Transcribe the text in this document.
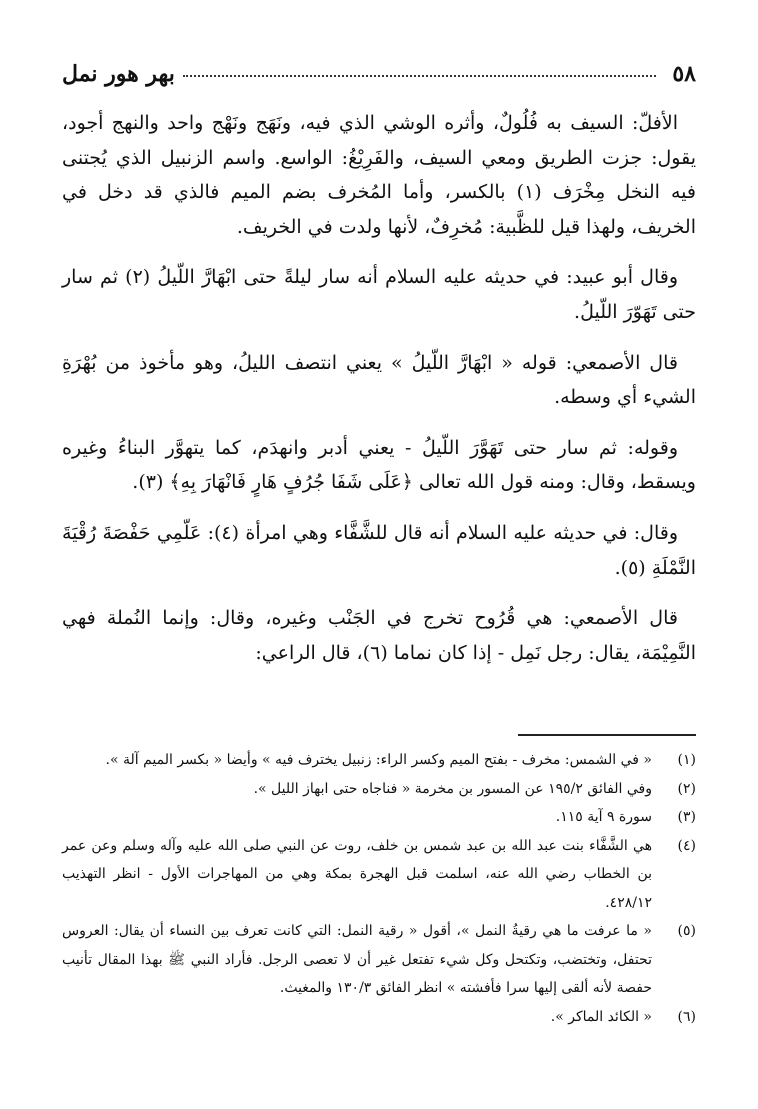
٥٨
بهر هور نمل

الأفلّ: السيف به فُلُولٌ، وأثره الوشي الذي فيه، ونَهَج ونَهْج واحد والنهج أجود، يقول: جزت الطريق ومعي السيف، والفَرِيْغُ: الواسع. واسم الزنبيل الذي يُجتنى فيه النخل مِخْرَف (١) بالكسر، وأما المُخرف بضم الميم فالذي قد دخل في الخريف، ولهذا قيل للظَّبية: مُخرِفٌ، لأنها ولدت في الخريف.

وقال أبو عبيد: في حديثه عليه السلام أنه سار ليلةً حتى ابْهَارَّ اللّيلُ (٢) ثم سار حتى تَهَوّرَ اللّيلُ.

قال الأصمعي: قوله « ابْهَارَّ اللّيلُ » يعني انتصف الليلُ، وهو مأخوذ من بُهْرَةِ الشيء أي وسطه.

وقوله: ثم سار حتى تَهَوَّرَ اللّيلُ - يعني أدبر وانهدَم، كما يتهوَّر البناءُ وغيره ويسقط، وقال: ومنه قول الله تعالى ﴿عَلَى شَفَا جُرُفٍ هَارٍ فَانْهَارَ بِهِ﴾ (٣).

وقال: في حديثه عليه السلام أنه قال للشَّفَّاء وهي امرأة (٤): عَلّمِي حَفْصَةَ رُقْيَةَ النَّمْلَةِ (٥).

قال الأصمعي: هي قُرُوح تخرج في الجَنْب وغيره، وقال: وإنما النُملة فهي النَّمِيْمَة، يقال: رجل نَمِل - إذا كان نماما (٦)، قال الراعي:

(١)
« في الشمس: مخرف - بفتح الميم وكسر الراء: زنبيل يخترف فيه » وأيضا « بكسر الميم آلة ».
(٢)
وفي الفائق ١٩٥/٢ عن المسور بن مخرمة « فناجاه حتى ابهاز الليل ».
(٣)
سورة ٩ آية ١١٥.
(٤)
هي الشَّفَّاء بنت عبد الله بن عبد شمس بن خلف، روت عن النبي صلى الله عليه وآله وسلم وعن عمر بن الخطاب رضي الله عنه، اسلمت قبل الهجرة بمكة وهي من المهاجرات الأول - انظر التهذيب ٤٢٨/١٢.
(٥)
« ما عرفت ما هي رقيةُ النمل »، أقول « رقية النمل: التي كانت تعرف بين النساء أن يقال: العروس تحتفل، وتختضب، وتكتحل وكل شيء تفتعل غير أن لا تعصى الرجل. فأراد النبي ﷺ بهذا المقال تأنيب حفصة لأنه ألقى إليها سرا فأفشته » انظر الفائق ١٣٠/٣ والمغيث.
(٦)
« الكائد الماكر ».
